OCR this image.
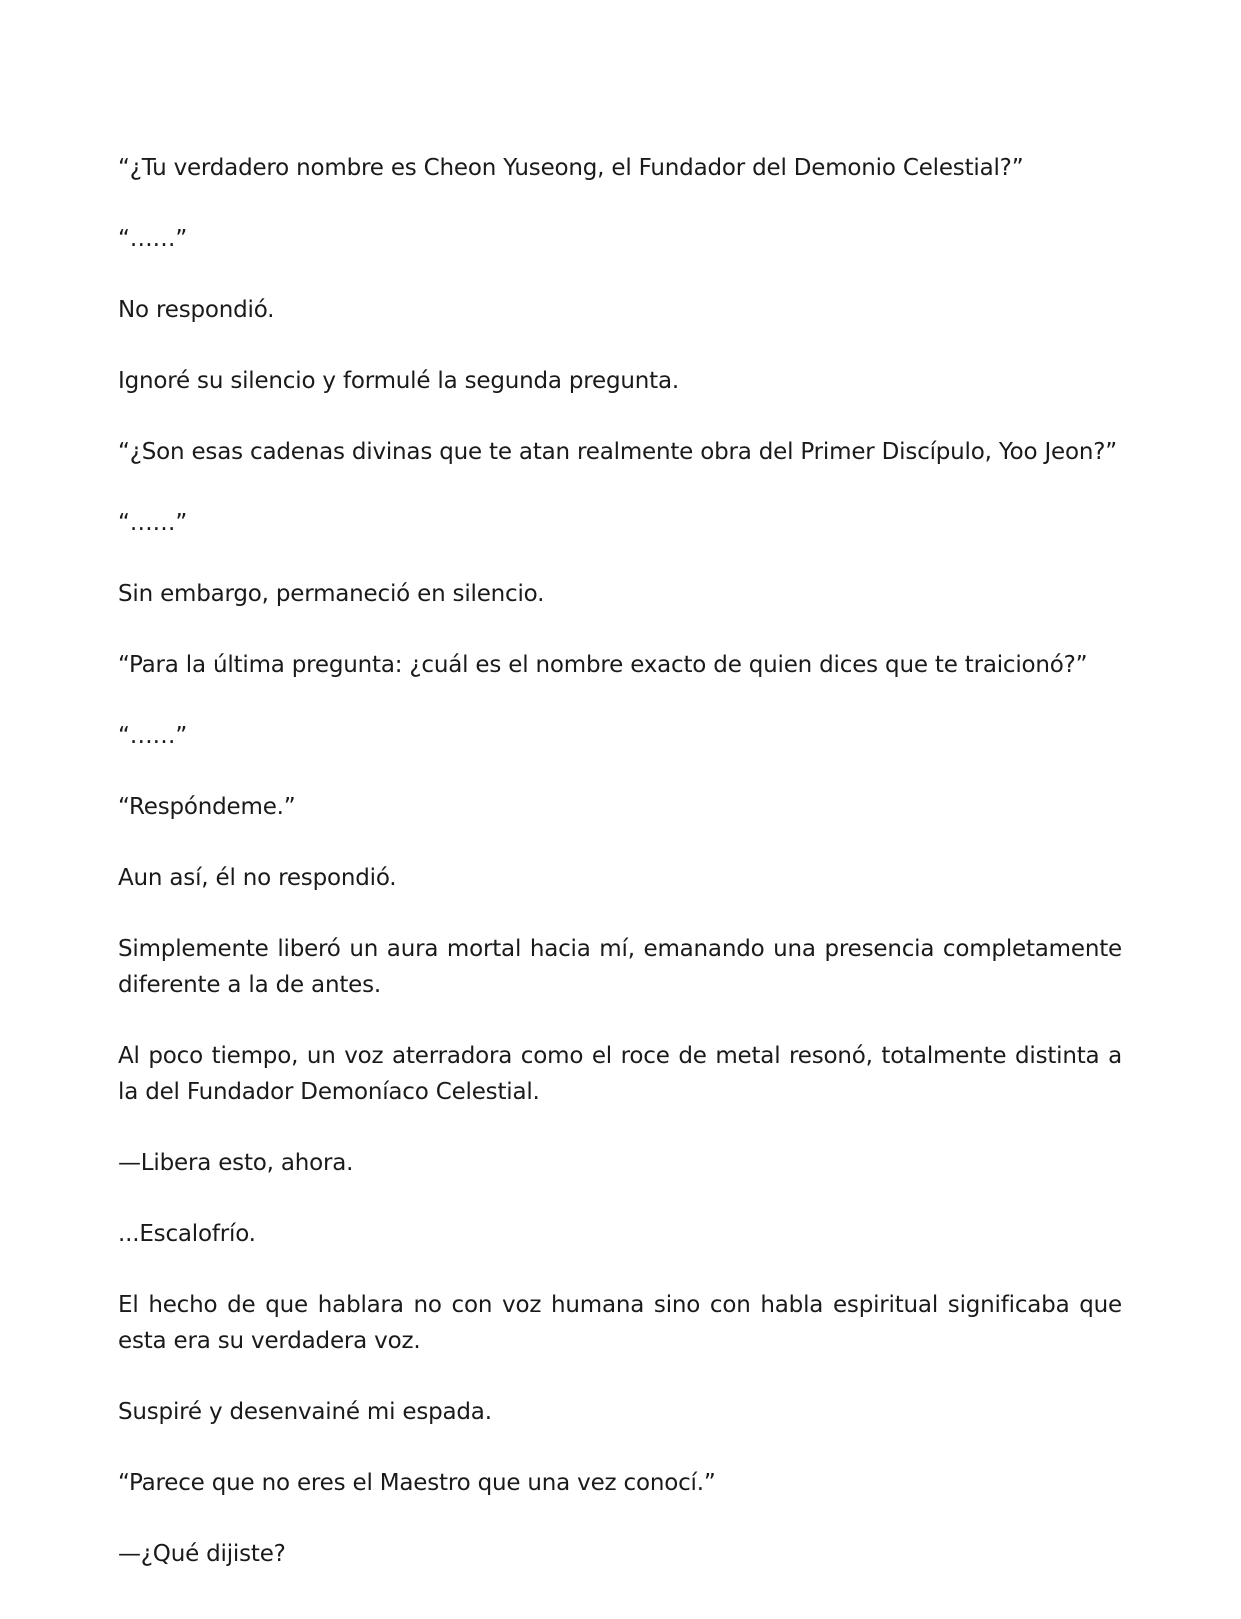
“¿Tu verdadero nombre es Cheon Yuseong, el Fundador del Demonio Celestial?”

“……”

No respondió.

Ignoré su silencio y formulé la segunda pregunta.

“¿Son esas cadenas divinas que te atan realmente obra del Primer Discípulo, Yoo Jeon?”

“……”

Sin embargo, permaneció en silencio.

“Para la última pregunta: ¿cuál es el nombre exacto de quien dices que te traicionó?”

“……”

“Respóndeme.”

Aun así, él no respondió.

Simplemente liberó un aura mortal hacia mí, emanando una presencia completamente diferente a la de antes.

Al poco tiempo, un voz aterradora como el roce de metal resonó, totalmente distinta a la del Fundador Demoníaco Celestial.

—Libera esto, ahora.

...Escalofrío.

El hecho de que hablara no con voz humana sino con habla espiritual significaba que esta era su verdadera voz.

Suspiré y desenvainé mi espada.

“Parece que no eres el Maestro que una vez conocí.”

—¿Qué dijiste?
